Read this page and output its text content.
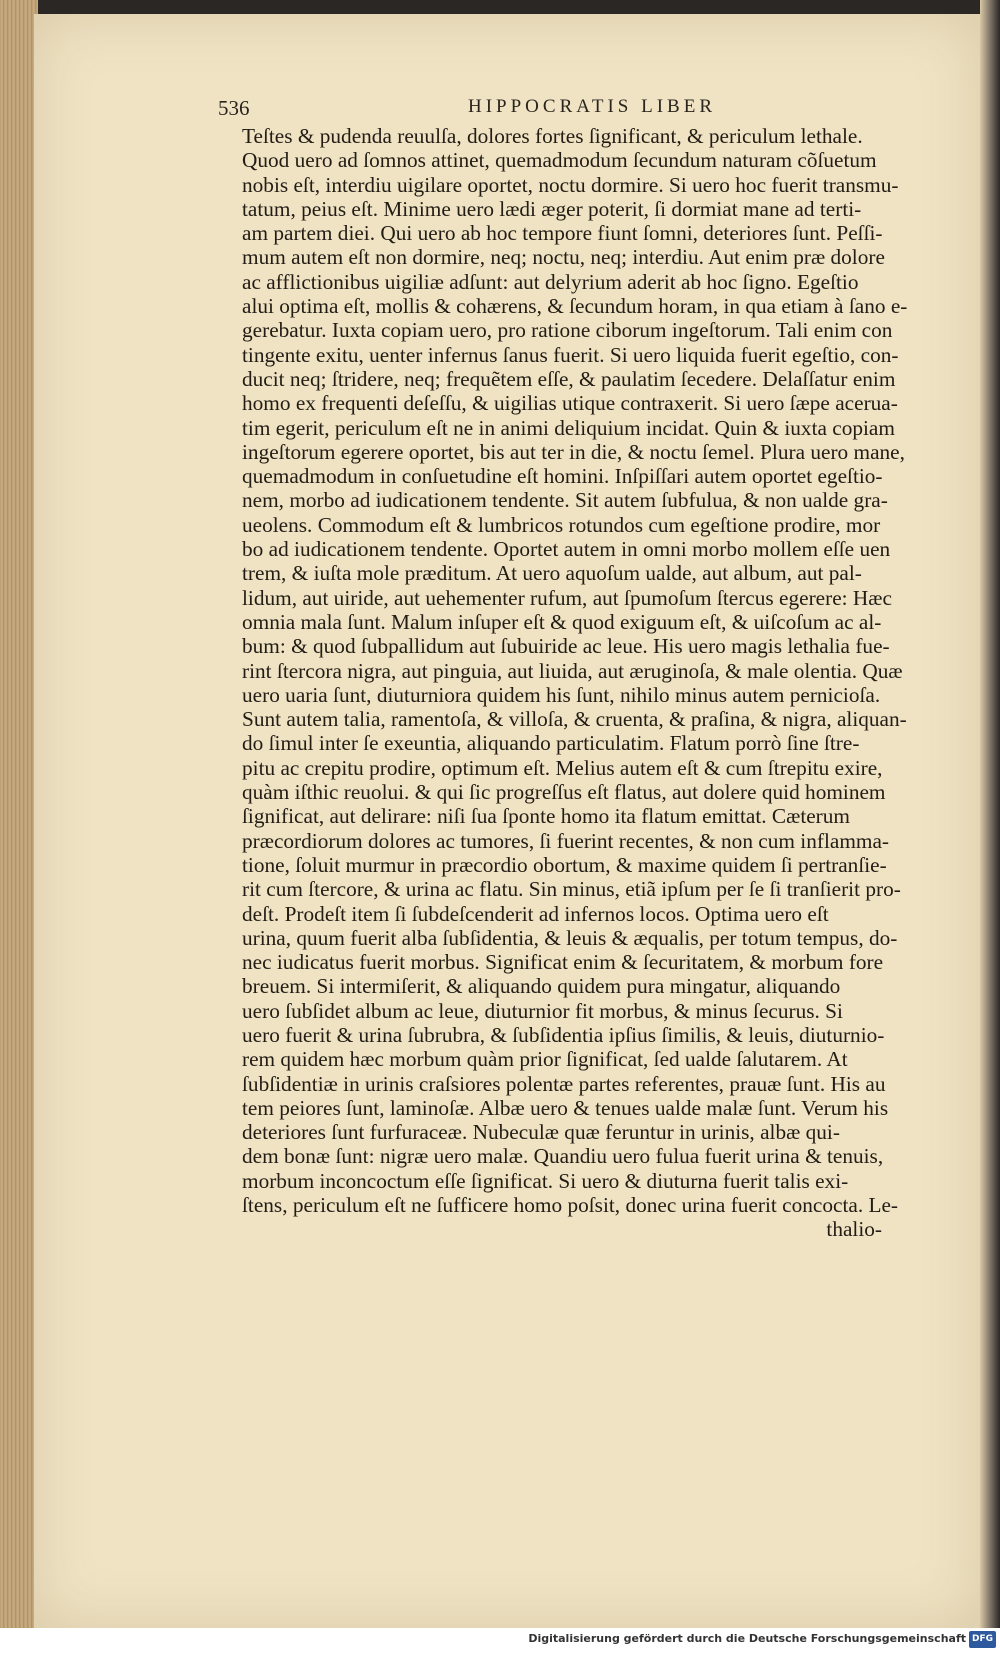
536	HIPPOCRATIS LIBER
Teſtes & pudenda reuulſa, dolores fortes ſignificant, & periculum lethale.
Quod uero ad ſomnos attinet, quemadmodum ſecundum naturam cõſuetum
nobis eſt, interdiu uigilare oportet, noctu dormire. Si uero hoc fuerit transmu-
tatum, peius eſt. Minime uero lædi æger poterit, ſi dormiat mane ad terti-
am partem diei. Qui uero ab hoc tempore fiunt ſomni, deteriores ſunt. Peſſi-
mum autem eſt non dormire, neq; noctu, neq; interdiu. Aut enim præ dolore
ac afflictionibus uigiliæ adſunt: aut delyrium aderit ab hoc ſigno. Egeſtio
alui optima eſt, mollis & cohærens, & ſecundum horam, in qua etiam à ſano e-
gerebatur. Iuxta copiam uero, pro ratione ciborum ingeſtorum. Tali enim con
tingente exitu, uenter infernus ſanus fuerit. Si uero liquida fuerit egeſtio, con-
ducit neq; ſtridere, neq; frequẽtem eſſe, & paulatim ſecedere. Delaſſatur enim
homo ex frequenti deſeſſu, & uigilias utique contraxerit. Si uero ſæpe aceruа-
tim egerit, periculum eſt ne in animi deliquium incidat. Quin & iuxta copiam
ingeſtorum egerere oportet, bis aut ter in die, & noctu ſemel. Plura uero mane,
quemadmodum in conſuetudine eſt homini. Inſpiſſari autem oportet egeſtio-
nem, morbo ad iudicationem tendente. Sit autem ſubfulua, & non ualde gra-
ueolens. Commodum eſt & lumbricos rotundos cum egeſtione prodire, mor
bo ad iudicationem tendente. Oportet autem in omni morbo mollem eſſe uen
trem, & iuſta mole præditum. At uero aquoſum ualde, aut album, aut pal-
lidum, aut uiride, aut uehementer rufum, aut ſpumoſum ſtercus egerere: Hæc
omnia mala ſunt. Malum inſuper eſt & quod exiguum eſt, & uiſcoſum ac al-
bum: & quod ſubpallidum aut ſubuiride ac leue. His uero magis lethalia fue-
rint ſtercora nigra, aut pinguia, aut liuida, aut æruginoſa, & male olentia. Quæ
uero uaria ſunt, diuturniora quidem his ſunt, nihilo minus autem pernicioſa.
Sunt autem talia, ramentoſa, & villoſa, & cruenta, & praſina, & nigra, aliquan-
do ſimul inter ſe exeuntia, aliquando particulatim. Flatum porrò ſine ſtre-
pitu ac crepitu prodire, optimum eſt. Melius autem eſt & cum ſtrepitu exire,
quàm iſthic reuolui. & qui ſic progreſſus eſt flatus, aut dolere quid hominem
ſignificat, aut delirare: niſi ſua ſponte homo ita flatum emittat. Cæterum
præcordiorum dolores ac tumores, ſi fuerint recentes, & non cum inflamma-
tione, ſoluit murmur in præcordio obortum, & maxime quidem ſi pertranſie-
rit cum ſtercore, & urina ac flatu. Sin minus, etiã ipſum per ſe ſi tranſierit pro-
deſt. Prodeſt item ſi ſubdeſcenderit ad infernos locos. Optima uero eſt
urina, quum fuerit alba ſubſidentia, & leuis & æqualis, per totum tempus, do-
nec iudicatus fuerit morbus. Significat enim & ſecuritatem, & morbum fore
breuem. Si intermiſerit, & aliquando quidem pura mingatur, aliquando
uero ſubſidet album ac leue, diuturnior fit morbus, & minus ſecurus. Si
uero fuerit & urina ſubrubra, & ſubſidentia ipſius ſimilis, & leuis, diuturnio-
rem quidem hæc morbum quàm prior ſignificat, ſed ualde ſalutarem. At
ſubſidentiæ in urinis craſsiores polentæ partes referentes, prauæ ſunt. His au
tem peiores ſunt, laminoſæ. Albæ uero & tenues ualde malæ ſunt. Verum his
deteriores ſunt furfuraceæ. Nubeculæ quæ feruntur in urinis, albæ qui-
dem bonæ ſunt: nigræ uero malæ. Quandiu uero fulua fuerit urina & tenuis,
morbum inconcoctum eſſe ſignificat. Si uero & diuturna fuerit talis exi-
ſtens, periculum eſt ne ſufficere homo poſsit, donec urina fuerit concocta. Le-
thalio-
Digitalisierung gefördert durch die Deutsche Forschungsgemeinschaft DFG
